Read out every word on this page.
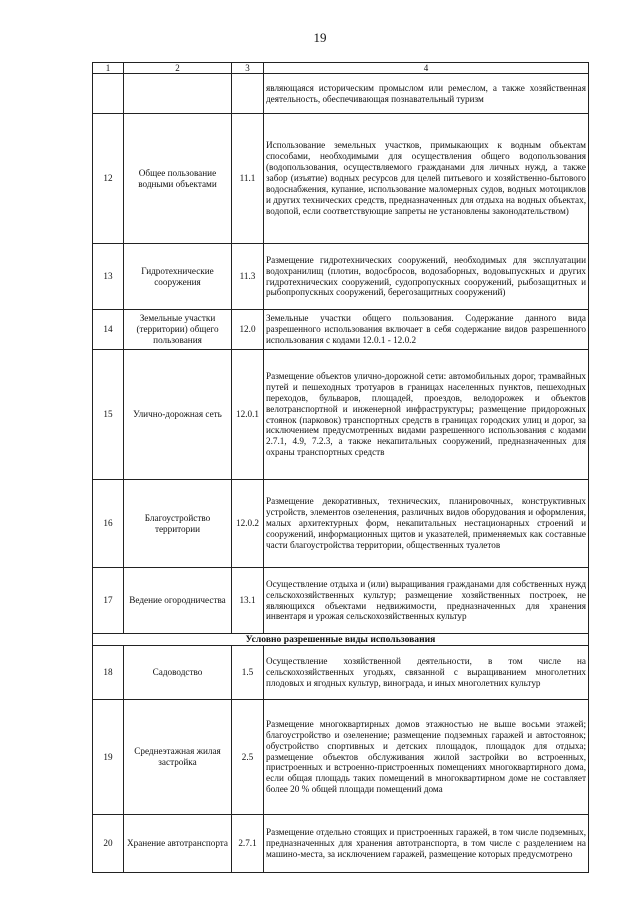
19
1	2	3	4
			являющаяся историческим промыслом или ремеслом, а также хозяйственная деятельность, обеспечивающая познавательный туризм
12	Общее пользование водными объектами	11.1	Использование земельных участков, примыкающих к водным объектам способами, необходимыми для осуществления общего водопользования (водопользования, осуществляемого гражданами для личных нужд, а также забор (изъятие) водных ресурсов для целей питьевого и хозяйственно-бытового водоснабжения, купание, использование маломерных судов, водных мотоциклов и других технических средств, предназначенных для отдыха на водных объектах, водопой, если соответствующие запреты не установлены законодательством)
13	Гидротехнические сооружения	11.3	Размещение гидротехнических сооружений, необходимых для эксплуатации водохранилищ (плотин, водосбросов, водозаборных, водовыпускных и других гидротехнических сооружений, судопропускных сооружений, рыбозащитных и рыбопропускных сооружений, берегозащитных сооружений)
14	Земельные участки (территории) общего пользования	12.0	Земельные участки общего пользования. Содержание данного вида разрешенного использования включает в себя содержание видов разрешенного использования с кодами 12.0.1 - 12.0.2
15	Улично-дорожная сеть	12.0.1	Размещение объектов улично-дорожной сети: автомобильных дорог, трамвайных путей и пешеходных тротуаров в границах населенных пунктов, пешеходных переходов, бульваров, площадей, проездов, велодорожек и объектов велотранспортной и инженерной инфраструктуры; размещение придорожных стоянок (парковок) транспортных средств в границах городских улиц и дорог, за исключением предусмотренных видами разрешенного использования с кодами 2.7.1, 4.9, 7.2.3, а также некапитальных сооружений, предназначенных для охраны транспортных средств
16	Благоустройство территории	12.0.2	Размещение декоративных, технических, планировочных, конструктивных устройств, элементов озеленения, различных видов оборудования и оформления, малых архитектурных форм, некапитальных нестационарных строений и сооружений, информационных щитов и указателей, применяемых как составные части благоустройства территории, общественных туалетов
17	Ведение огородничества	13.1	Осуществление отдыха и (или) выращивания гражданами для собственных нужд сельскохозяйственных культур; размещение хозяйственных построек, не являющихся объектами недвижимости, предназначенных для хранения инвентаря и урожая сельскохозяйственных культур
Условно разрешенные виды использования			
18	Садоводство	1.5	Осуществление хозяйственной деятельности, в том числе на сельскохозяйственных угодьях, связанной с выращиванием многолетних плодовых и ягодных культур, винограда, и иных многолетних культур
19	Среднеэтажная жилая застройка	2.5	Размещение многоквартирных домов этажностью не выше восьми этажей; благоустройство и озеленение; размещение подземных гаражей и автостоянок; обустройство спортивных и детских площадок, площадок для отдыха; размещение объектов обслуживания жилой застройки во встроенных, пристроенных и встроенно-пристроенных помещениях многоквартирного дома, если общая площадь таких помещений в многоквартирном доме не составляет более 20 % общей площади помещений дома
20	Хранение автотранспорта	2.7.1	Размещение отдельно стоящих и пристроенных гаражей, в том числе подземных, предназначенных для хранения автотранспорта, в том числе с разделением на машино-места, за исключением гаражей, размещение которых предусмотрено
